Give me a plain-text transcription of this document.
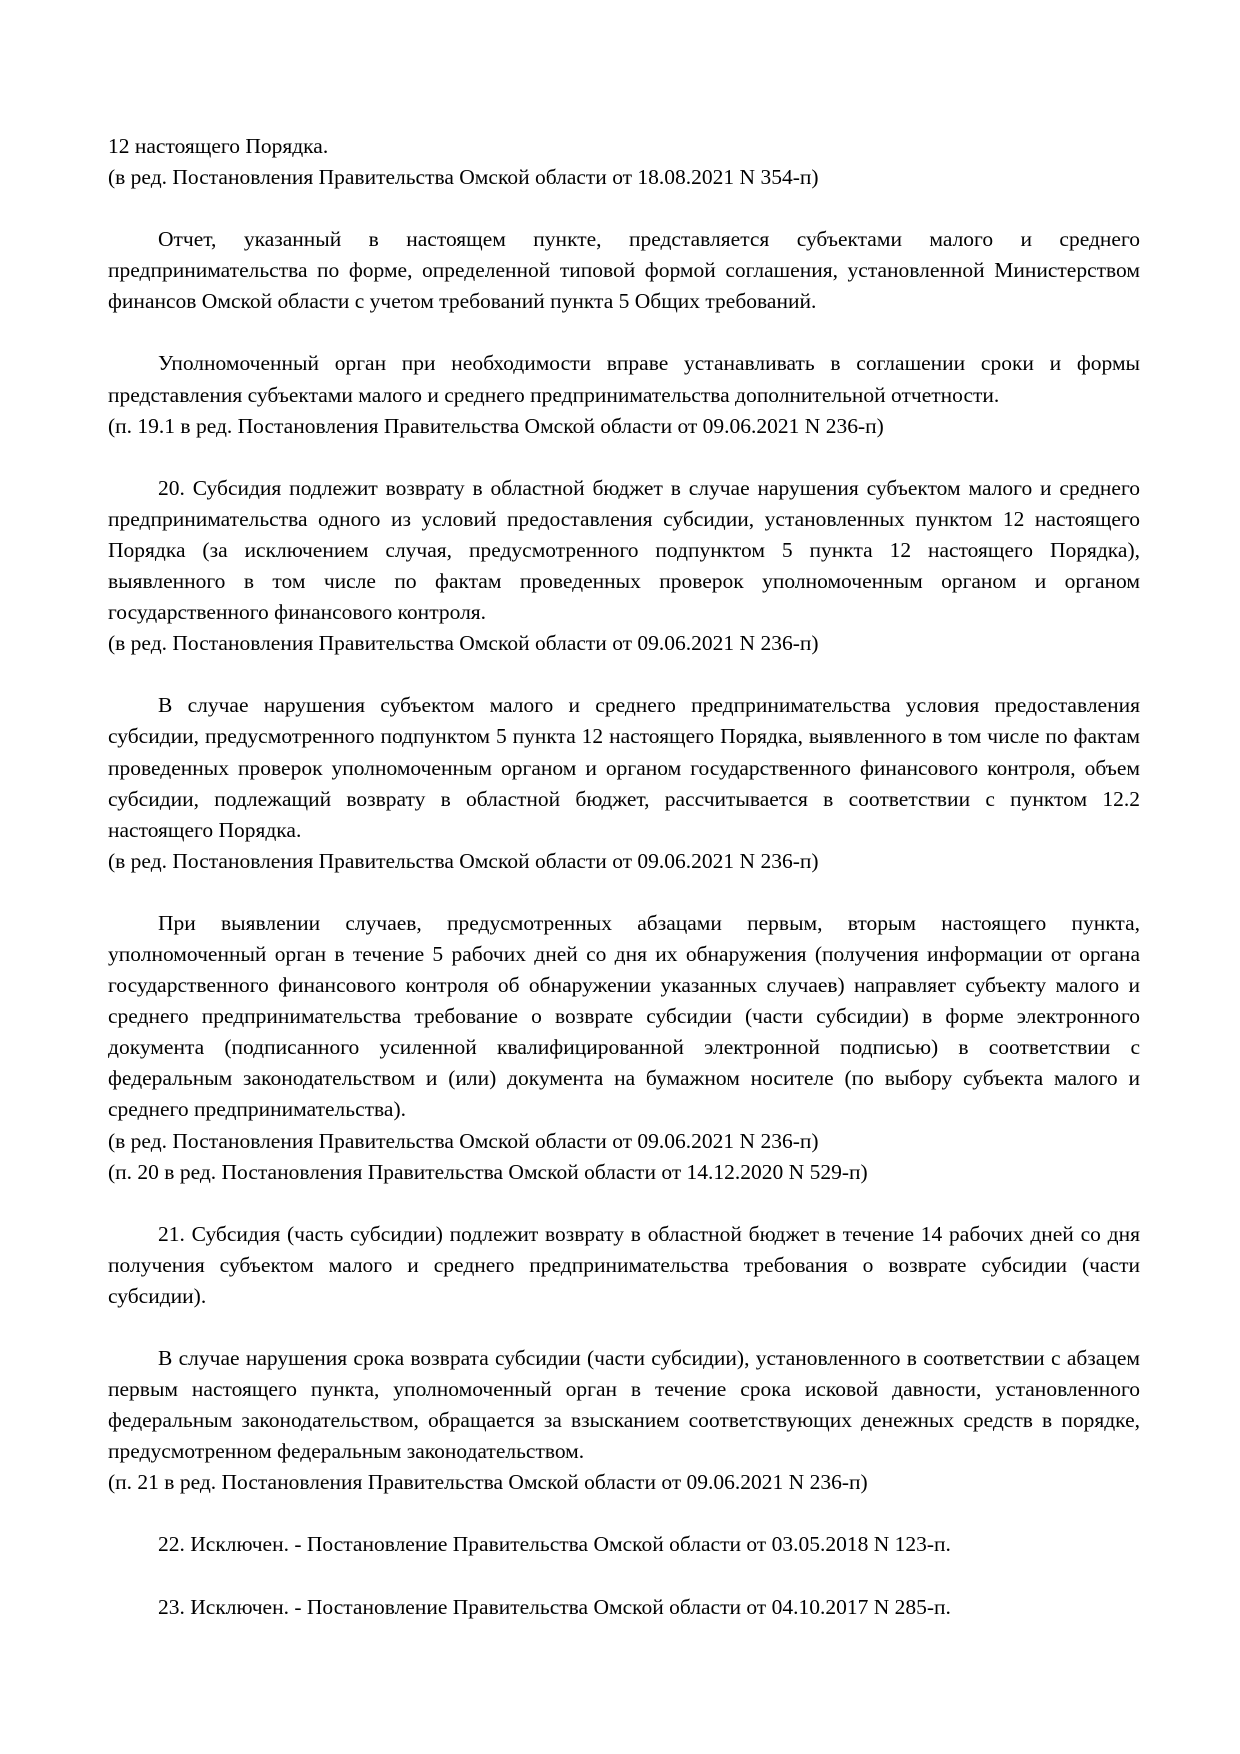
12 настоящего Порядка.

(в ред. Постановления Правительства Омской области от 18.08.2021 N 354-п)

Отчет, указанный в настоящем пункте, представляется субъектами малого и среднего предпринимательства по форме, определенной типовой формой соглашения, установленной Министерством финансов Омской области с учетом требований пункта 5 Общих требований.

Уполномоченный орган при необходимости вправе устанавливать в соглашении сроки и формы представления субъектами малого и среднего предпринимательства дополнительной отчетности.

(п. 19.1 в ред. Постановления Правительства Омской области от 09.06.2021 N 236-п)

20. Субсидия подлежит возврату в областной бюджет в случае нарушения субъектом малого и среднего предпринимательства одного из условий предоставления субсидии, установленных пунктом 12 настоящего Порядка (за исключением случая, предусмотренного подпунктом 5 пункта 12 настоящего Порядка), выявленного в том числе по фактам проведенных проверок уполномоченным органом и органом государственного финансового контроля.

(в ред. Постановления Правительства Омской области от 09.06.2021 N 236-п)

В случае нарушения субъектом малого и среднего предпринимательства условия предоставления субсидии, предусмотренного подпунктом 5 пункта 12 настоящего Порядка, выявленного в том числе по фактам проведенных проверок уполномоченным органом и органом государственного финансового контроля, объем субсидии, подлежащий возврату в областной бюджет, рассчитывается в соответствии с пунктом 12.2 настоящего Порядка.

(в ред. Постановления Правительства Омской области от 09.06.2021 N 236-п)

При выявлении случаев, предусмотренных абзацами первым, вторым настоящего пункта, уполномоченный орган в течение 5 рабочих дней со дня их обнаружения (получения информации от органа государственного финансового контроля об обнаружении указанных случаев) направляет субъекту малого и среднего предпринимательства требование о возврате субсидии (части субсидии) в форме электронного документа (подписанного усиленной квалифицированной электронной подписью) в соответствии с федеральным законодательством и (или) документа на бумажном носителе (по выбору субъекта малого и среднего предпринимательства).

(в ред. Постановления Правительства Омской области от 09.06.2021 N 236-п)

(п. 20 в ред. Постановления Правительства Омской области от 14.12.2020 N 529-п)

21. Субсидия (часть субсидии) подлежит возврату в областной бюджет в течение 14 рабочих дней со дня получения субъектом малого и среднего предпринимательства требования о возврате субсидии (части субсидии).

В случае нарушения срока возврата субсидии (части субсидии), установленного в соответствии с абзацем первым настоящего пункта, уполномоченный орган в течение срока исковой давности, установленного федеральным законодательством, обращается за взысканием соответствующих денежных средств в порядке, предусмотренном федеральным законодательством.

(п. 21 в ред. Постановления Правительства Омской области от 09.06.2021 N 236-п)

22. Исключен. - Постановление Правительства Омской области от 03.05.2018 N 123-п.

23. Исключен. - Постановление Правительства Омской области от 04.10.2017 N 285-п.
